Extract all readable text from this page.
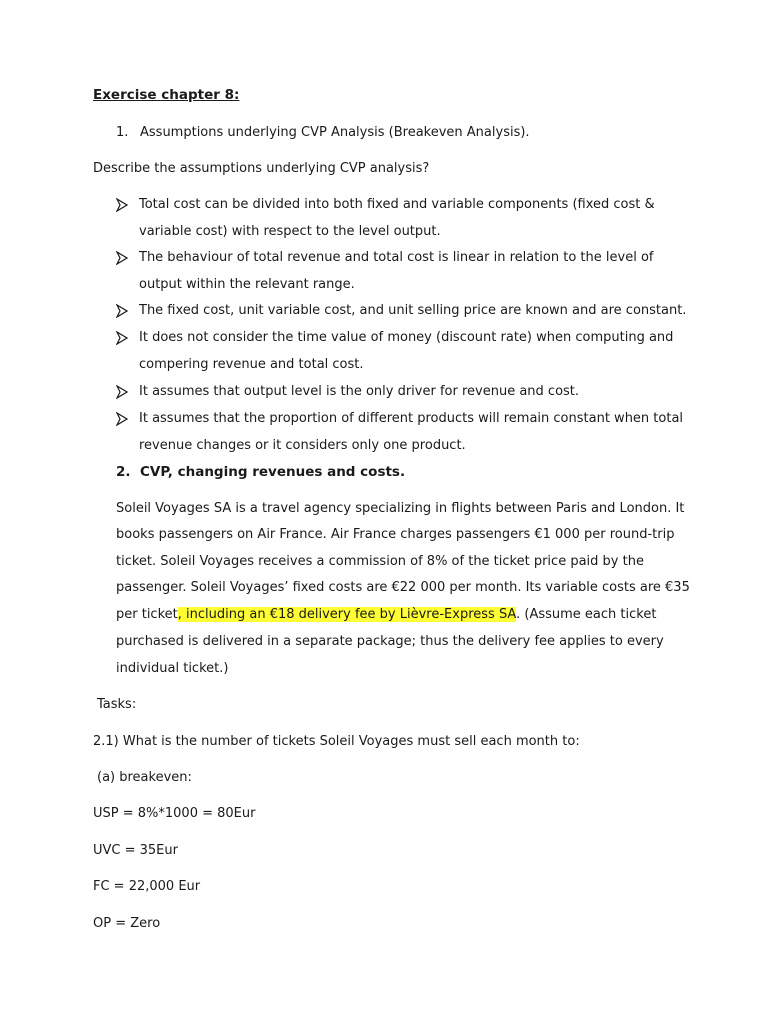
Exercise chapter 8:
1. Assumptions underlying CVP Analysis (Breakeven Analysis).
Describe the assumptions underlying CVP analysis?
Total cost can be divided into both fixed and variable components (fixed cost &
variable cost) with respect to the level output.
The behaviour of total revenue and total cost is linear in relation to the level of
output within the relevant range.
The fixed cost, unit variable cost, and unit selling price are known and are constant.
It does not consider the time value of money (discount rate) when computing and
compering revenue and total cost.
It assumes that output level is the only driver for revenue and cost.
It assumes that the proportion of different products will remain constant when total
revenue changes or it considers only one product.
2. CVP, changing revenues and costs.
Soleil Voyages SA is a travel agency specializing in flights between Paris and London. It
books passengers on Air France. Air France charges passengers €1 000 per round-trip
ticket. Soleil Voyages receives a commission of 8% of the ticket price paid by the
passenger. Soleil Voyages’ fixed costs are €22 000 per month. Its variable costs are €35
per ticket, including an €18 delivery fee by Lièvre-Express SA. (Assume each ticket
purchased is delivered in a separate package; thus the delivery fee applies to every
individual ticket.)
Tasks:
2.1) What is the number of tickets Soleil Voyages must sell each month to:
(a) breakeven:
USP = 8%*1000 = 80Eur
UVC = 35Eur
FC = 22,000 Eur
OP = Zero
